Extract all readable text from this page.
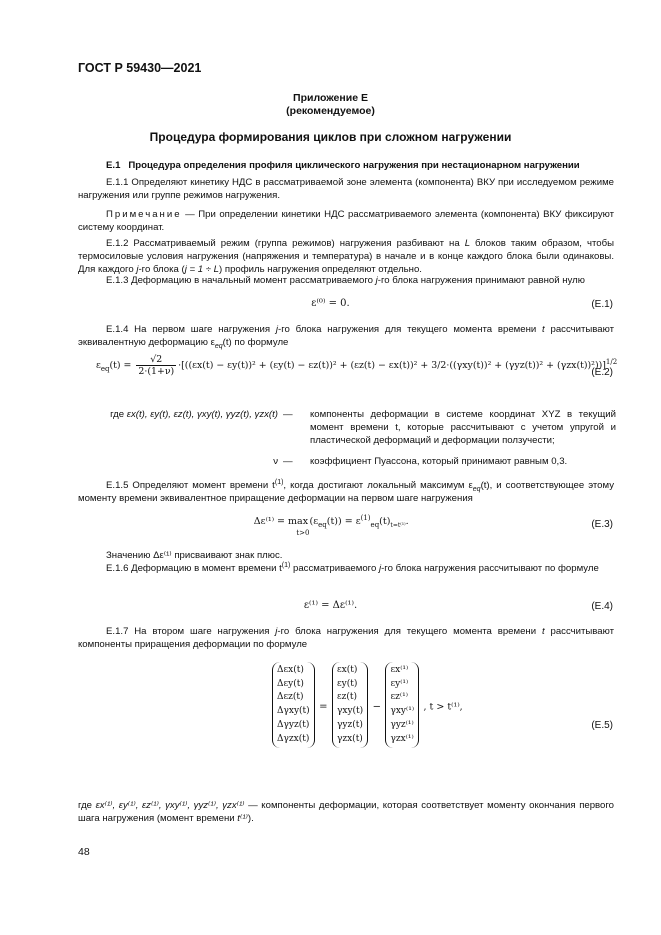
ГОСТ Р 59430—2021
Приложение Е
(рекомендуемое)
Процедура формирования циклов при сложном нагружении
Е.1 Процедура определения профиля циклического нагружения при нестационарном нагружении
Е.1.1 Определяют кинетику НДС в рассматриваемой зоне элемента (компонента) ВКУ при исследуемом режиме нагружения или группе режимов нагружения.
Примечание — При определении кинетики НДС рассматриваемого элемента (компонента) ВКУ фиксируют систему координат.
Е.1.2 Рассматриваемый режим (группа режимов) нагружения разбивают на L блоков таким образом, чтобы термосиловые условия нагружения (напряжения и температура) в начале и в конце каждого блока были одинаковы. Для каждого j-го блока (j = 1 ÷ L) профиль нагружения определяют отдельно.
Е.1.3 Деформацию в начальный момент рассматриваемого j-го блока нагружения принимают равной нулю
ε⁽⁰⁾ = 0.	(Е.1)
Е.1.4 На первом шаге нагружения j-го блока нагружения для текущего момента времени t рассчитывают эквивалентную деформацию $\varepsilon_{eq}(t)$ по формуле
$\varepsilon_{eq}(t) = \frac{√2}{2\cdot(1+\nu)} \cdot[((\varepsilon x(t) - \varepsilon y(t))^2 + (\varepsilon y(t) - \varepsilon z(t))^2 + (\varepsilon z(t) - \varepsilon x(t))^2 + 3/2\cdot((\gamma xy(t))^2 + (\gamma yz(t))^2 + (\gamma zx(t))^2))]^{1/2}$
(Е.2)
где εx(t), εy(t), εz(t), γxy(t), γyz(t), γzx(t) — компоненты деформации в системе координат XYZ в текущий момент времени t, которые рассчитывают с учетом упругой и пластической деформаций и деформации ползучести;
ν — коэффициент Пуассона, который принимают равным 0,3.
Е.1.5 Определяют момент времени $t^{(1)}$, когда достигают локальный максимум $\varepsilon_{eq}(t)$, и соответствующее этому моменту времени эквивалентное приращение деформации на первом шаге нагружения
Δε⁽¹⁾ = max
$t>0(\varepsilon_{eq}(t)) = \varepsilon^{(1)}_{eq}(t)_{t=t^{(1)}}$.	(Е.3)
Значению Δε⁽¹⁾ присваивают знак плюс.
Е.1.6 Деформацию в момент времени $t^{(1)}$ рассматриваемого j-го блока нагружения рассчитывают по формуле
ε⁽¹⁾ = Δε⁽¹⁾.	(Е.4)
Е.1.7 На втором шаге нагружения j-го блока нагружения для текущего момента времени t рассчитывают компоненты приращения деформации по формуле
Δεx(t)
Δεy(t)
Δεz(t)
Δγxy(t)
Δγyz(t)
Δγzx(t)
=
εx(t)
εy(t)
εz(t)
γxy(t)
γyz(t)
γzx(t)
−
εx⁽¹⁾
εy⁽¹⁾
εz⁽¹⁾
γxy⁽¹⁾
γyz⁽¹⁾
γzx⁽¹⁾
, t > t⁽¹⁾,
(Е.5)
где εx⁽¹⁾, εy⁽¹⁾, εz⁽¹⁾, γxy⁽¹⁾, γyz⁽¹⁾, γzx⁽¹⁾ — компоненты деформации, которая соответствует моменту окончания первого шага нагружения (момент времени t⁽¹⁾).
48
